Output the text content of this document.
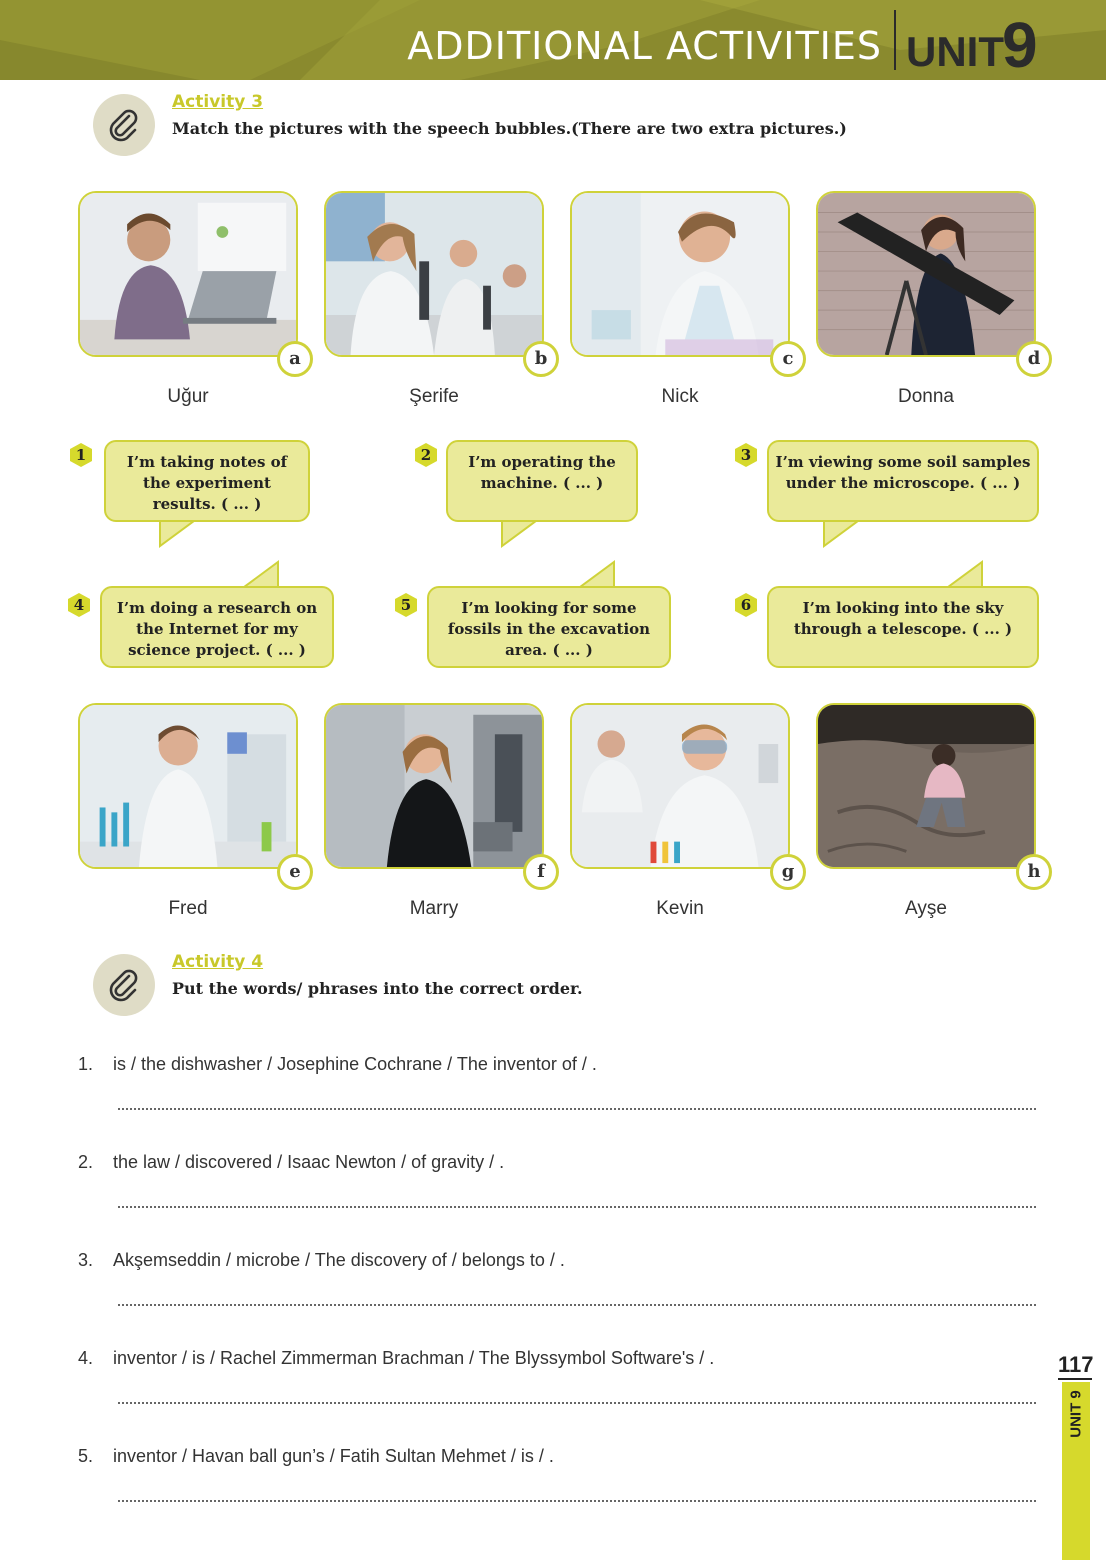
ADDITIONAL ACTIVITIES UNIT
9
Activity 3
Match the pictures with the speech bubbles.(There are two extra pictures.)
a
Uğur
b
Şerife
c
Nick
d
Donna
1	I’m taking notes of the experiment results. ( ... )
2	I’m operating the machine. ( ... )
3	I’m viewing some soil samples under the microscope. ( ... )
4	I’m doing a research on the Internet for my science project. ( ... )
5	I’m looking for some fossils in the excavation area. ( ... )
6	I’m looking into the sky through a telescope. ( ... )
e
Fred
f
Marry
g
Kevin
h
Ayşe
Activity 4
Put the words/ phrases into the correct order.
1. is / the dishwasher / Josephine Cochrane / The inventor of / .
2. the law / discovered / Isaac Newton / of gravity / .
3. Akşemseddin / microbe / The discovery of / belongs to / .
4. inventor / is / Rachel Zimmerman Brachman / The Blyssymbol Software's / .
5. inventor / Havan ball gun’s / Fatih Sultan Mehmet / is / .
117
UNIT 9
